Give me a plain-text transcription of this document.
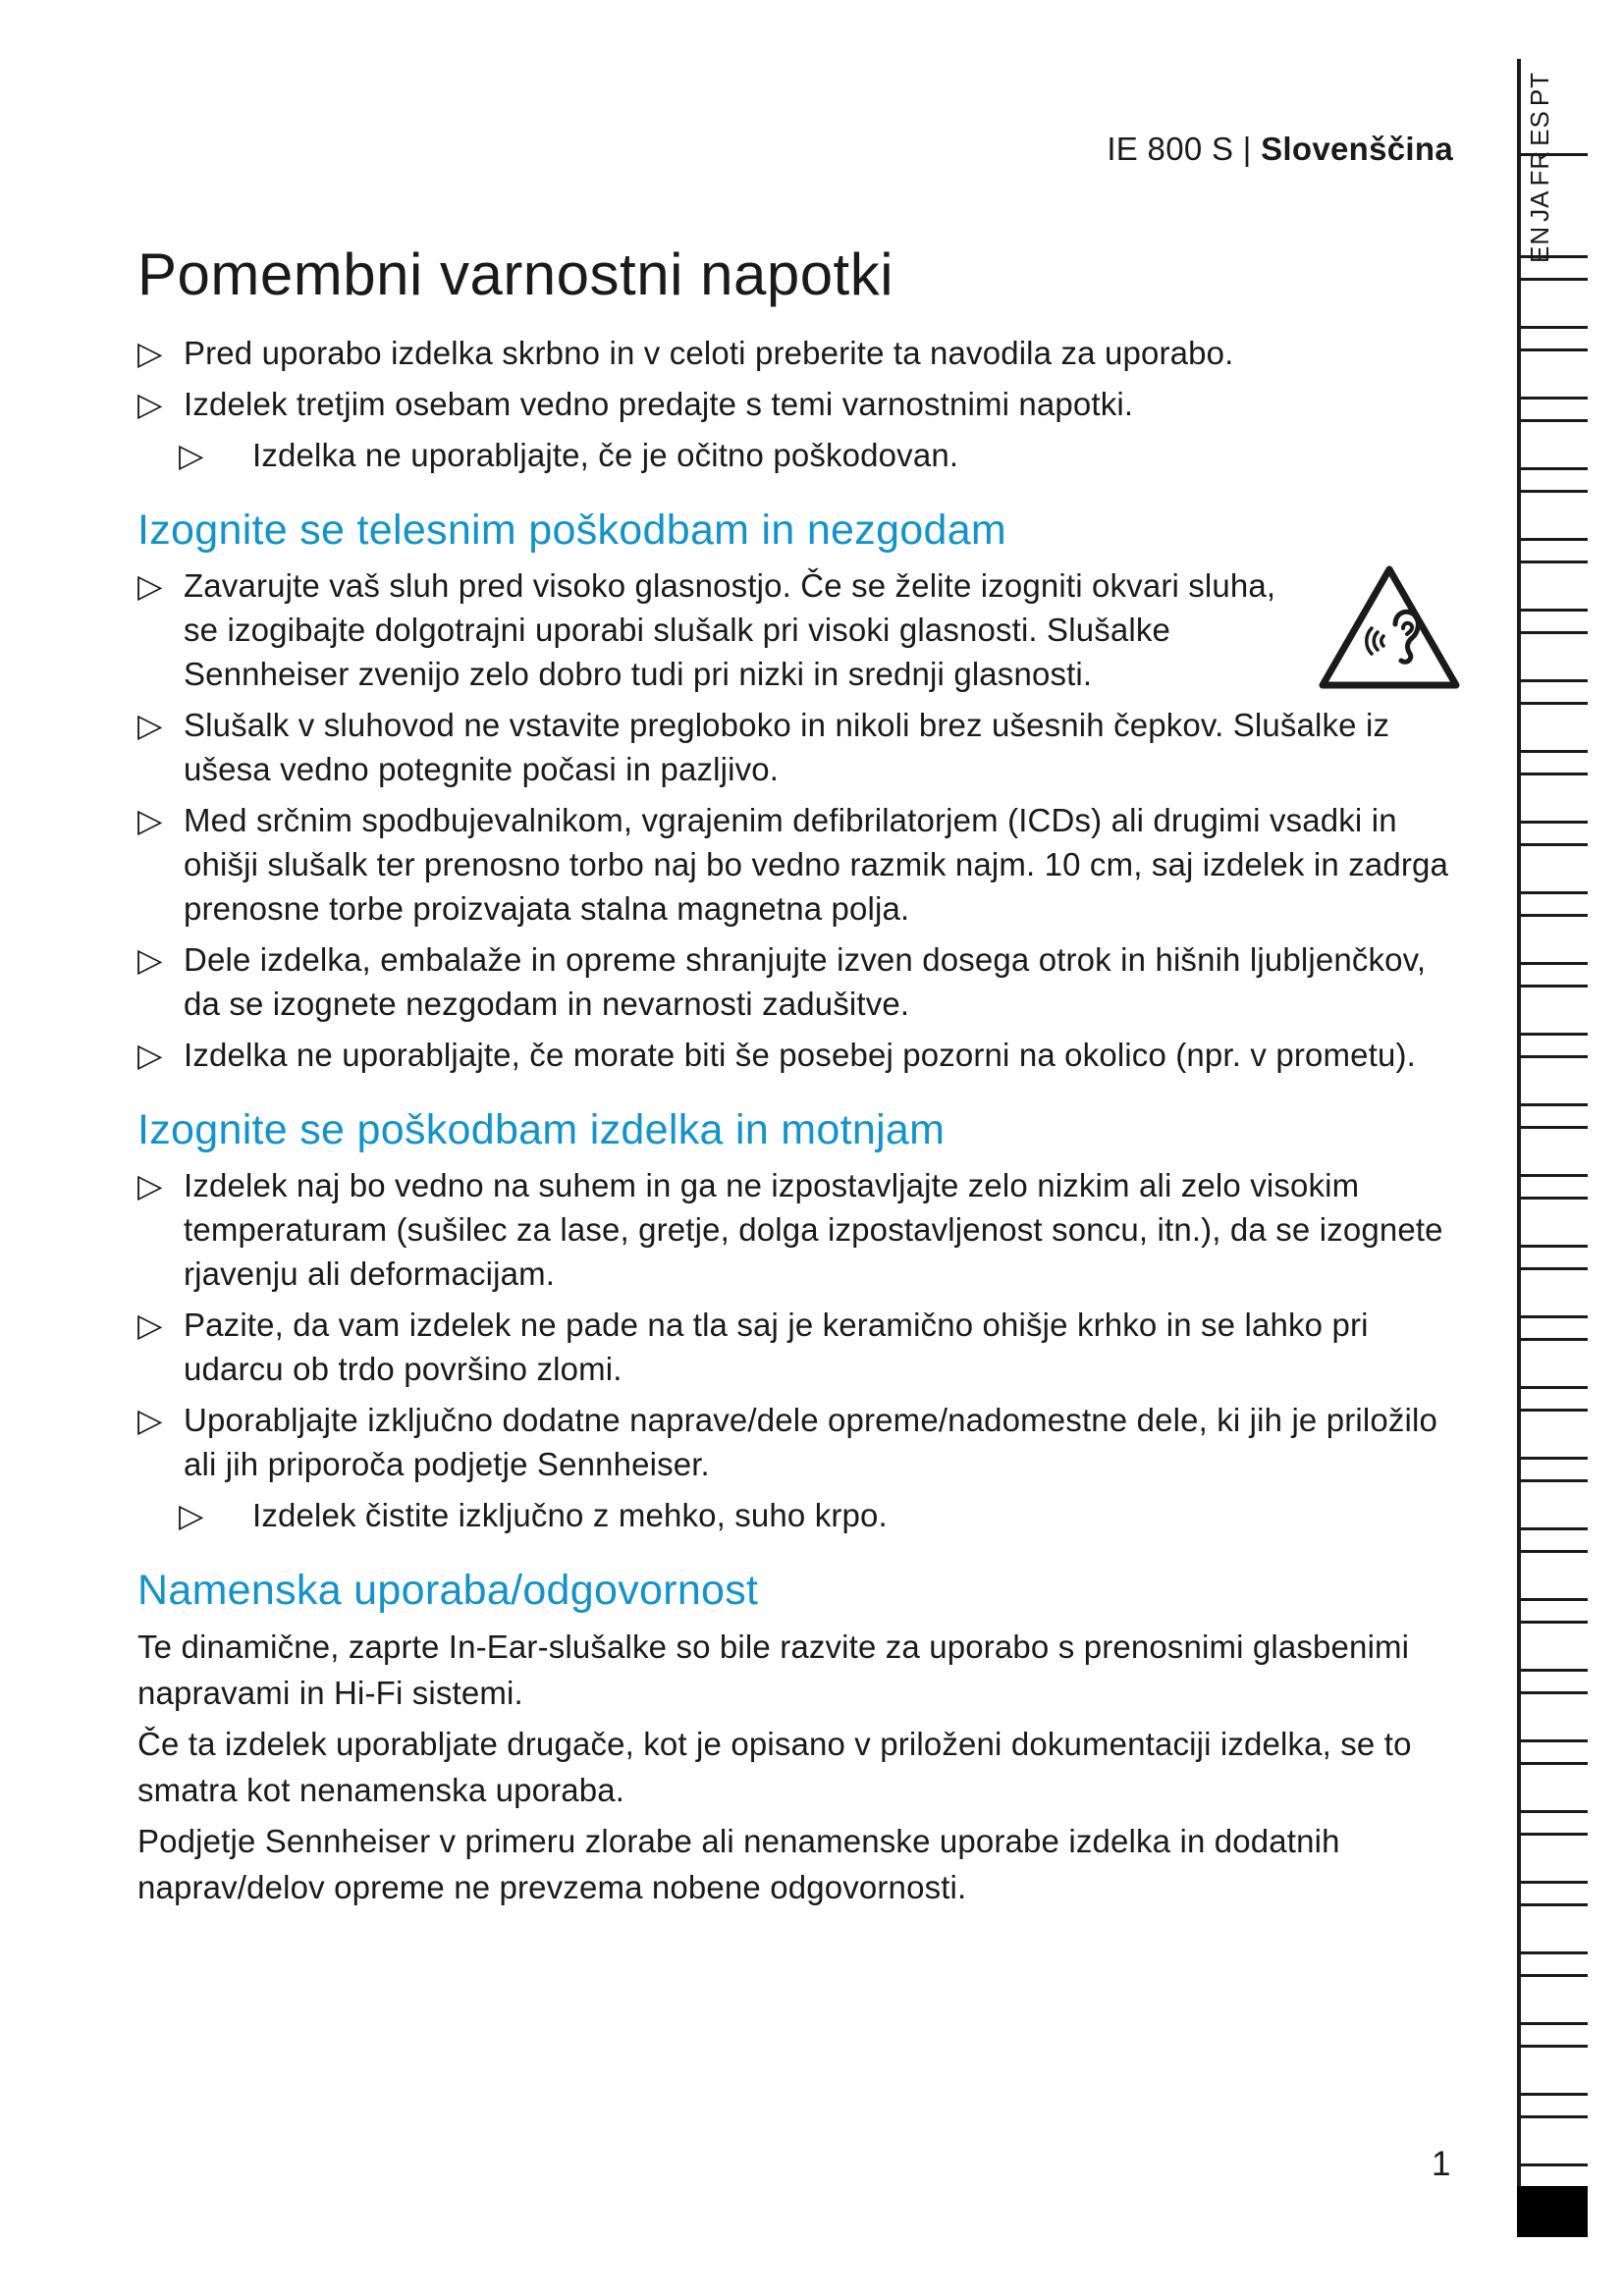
IE 800 S | Slovenščina
Pomembni varnostni napotki
▷ Pred uporabo izdelka skrbno in v celoti preberite ta navodila za uporabo.
▷ Izdelek tretjim osebam vedno predajte s temi varnostnimi napotki.
▷ Izdelka ne uporabljajte, če je očitno poškodovan.
Izognite se telesnim poškodbam in nezgodam
▷ Zavarujte vaš sluh pred visoko glasnostjo. Če se želite izogniti okvari sluha, se izogibajte dolgotrajni uporabi slušalk pri visoki glasnosti. Slušalke Sennheiser zvenijo zelo dobro tudi pri nizki in srednji glasnosti.
▷ Slušalk v sluhovod ne vstavite pregloboko in nikoli brez ušesnih čepkov. Slušalke iz ušesa vedno potegnite počasi in pazljivo.
▷ Med srčnim spodbujevalnikom, vgrajenim defibrilatorjem (ICDs) ali drugimi vsadki in ohišji slušalk ter prenosno torbo naj bo vedno razmik najm. 10 cm, saj izdelek in zadrga prenosne torbe proizvajata stalna magnetna polja.
▷ Dele izdelka, embalaže in opreme shranjujte izven dosega otrok in hišnih ljubljenčkov, da se izognete nezgodam in nevarnosti zadušitve.
▷ Izdelka ne uporabljajte, če morate biti še posebej pozorni na okolico (npr. v prometu).
Izognite se poškodbam izdelka in motnjam
▷ Izdelek naj bo vedno na suhem in ga ne izpostavljajte zelo nizkim ali zelo visokim temperaturam (sušilec za lase, gretje, dolga izpostavljenost soncu, itn.), da se izognete rjavenju ali deformacijam.
▷ Pazite, da vam izdelek ne pade na tla saj je keramično ohišje krhko in se lahko pri udarcu ob trdo površino zlomi.
▷ Uporabljajte izključno dodatne naprave/dele opreme/nadomestne dele, ki jih je priložilo ali jih priporoča podjetje Sennheiser.
▷ Izdelek čistite izključno z mehko, suho krpo.
Namenska uporaba/odgovornost
Te dinamične, zaprte In-Ear-slušalke so bile razvite za uporabo s prenosnimi glasbenimi napravami in Hi-Fi sistemi.
Če ta izdelek uporabljate drugače, kot je opisano v priloženi dokumentaciji izdelka, se to smatra kot nenamenska uporaba.
Podjetje Sennheiser v primeru zlorabe ali nenamenske uporabe izdelka in dodatnih naprav/delov opreme ne prevzema nobene odgovornosti.
1
ENJAFRESPT
